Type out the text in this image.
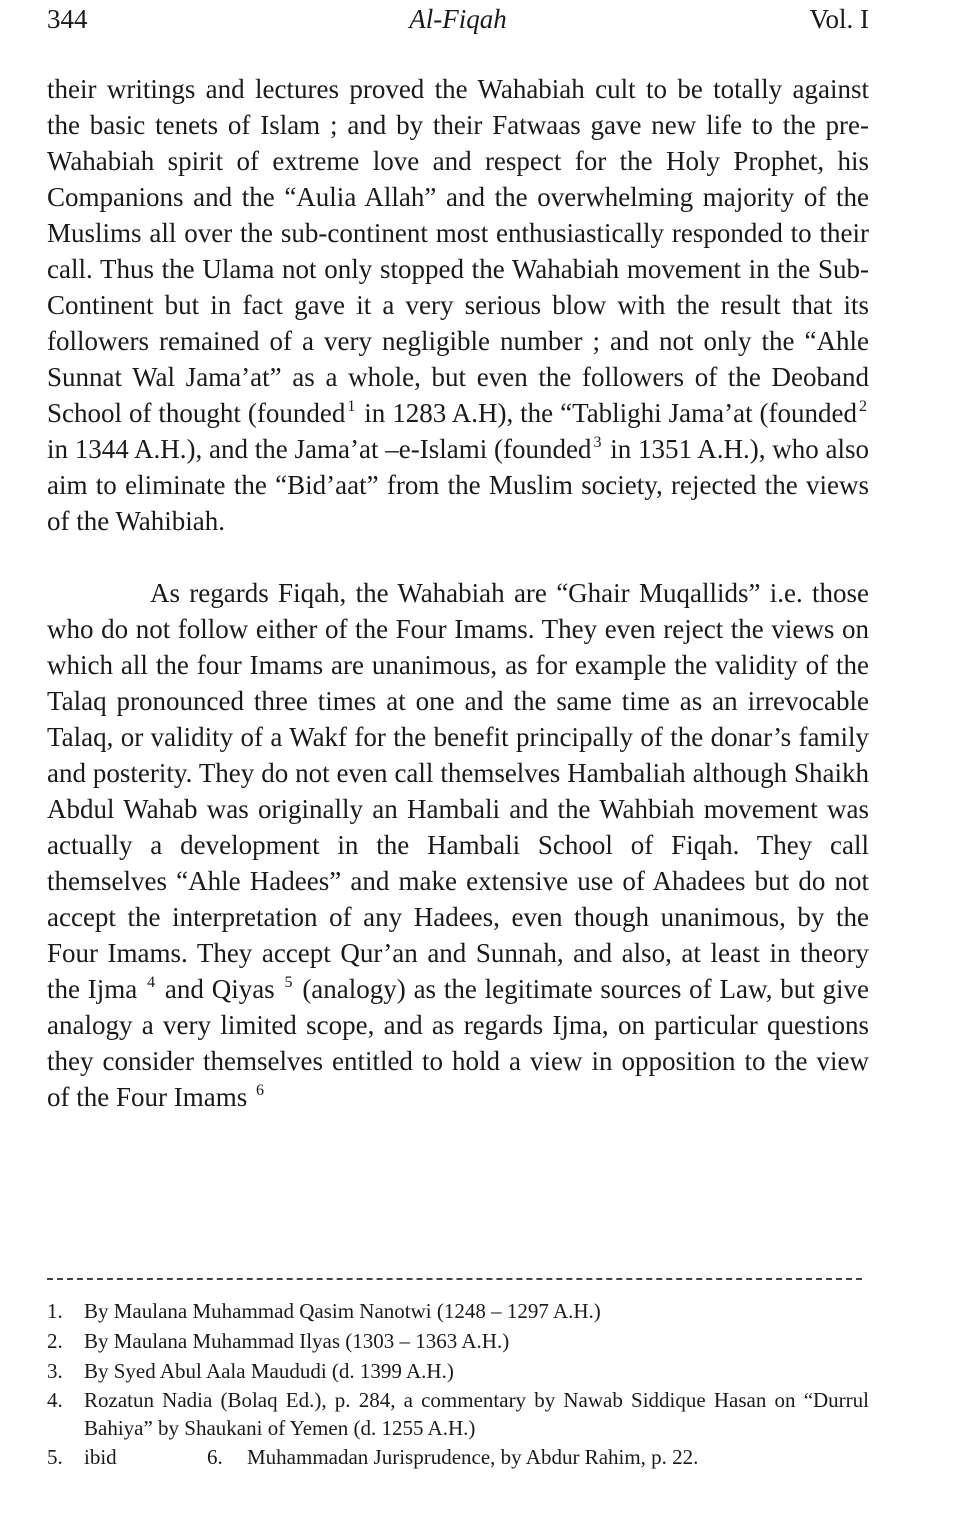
344	Al-Fiqah	Vol. I

their writings and lectures proved the Wahabiah cult to be totally against the basic tenets of Islam ; and by their Fatwaas gave new life to the pre-Wahabiah spirit of extreme love and respect for the Holy Prophet, his Companions and the “Aulia Allah” and the overwhelming majority of the Muslims all over the sub-continent most enthusiastically responded to their call. Thus the Ulama not only stopped the Wahabiah movement in the Sub-Continent but in fact gave it a very serious blow with the result that its followers remained of a very negligible number ; and not only the “Ahle Sunnat Wal Jama’at” as a whole, but even the followers of the Deoband School of thought (founded $^1$ in 1283 A.H), the “Tablighi Jama’at (founded $^2$ in 1344 A.H.), and the Jama’at –e-Islami (founded $^3$ in 1351 A.H.), who also aim to eliminate the “Bid’aat” from the Muslim society, rejected the views of the Wahibiah.

As regards Fiqah, the Wahabiah are “Ghair Muqallids” i.e. those who do not follow either of the Four Imams. They even reject the views on which all the four Imams are unanimous, as for example the validity of the Talaq pronounced three times at one and the same time as an irrevocable Talaq, or validity of a Wakf for the benefit principally of the donar’s family and posterity. They do not even call themselves Hambaliah although Shaikh Abdul Wahab was originally an Hambali and the Wahbiah movement was actually a development in the Hambali School of Fiqah. They call themselves “Ahle Hadees” and make extensive use of Ahadees but do not accept the interpretation of any Hadees, even though unanimous, by the Four Imams. They accept Qur’an and Sunnah, and also, at least in theory the Ijma $^4$ and Qiyas $^5$ (analogy) as the legitimate sources of Law, but give analogy a very limited scope, and as regards Ijma, on particular questions they consider themselves entitled to hold a view in opposition to the view of the Four Imams $^6$

1. By Maulana Muhammad Qasim Nanotwi (1248 – 1297 A.H.)
2. By Maulana Muhammad Ilyas (1303 – 1363 A.H.)
3. By Syed Abul Aala Maududi (d. 1399 A.H.)
4. Rozatun Nadia (Bolaq Ed.), p. 284, a commentary by Nawab Siddique Hasan on “Durrul Bahiya” by Shaukani of Yemen (d. 1255 A.H.)
5. ibid	6. Muhammadan Jurisprudence, by Abdur Rahim, p. 22.
